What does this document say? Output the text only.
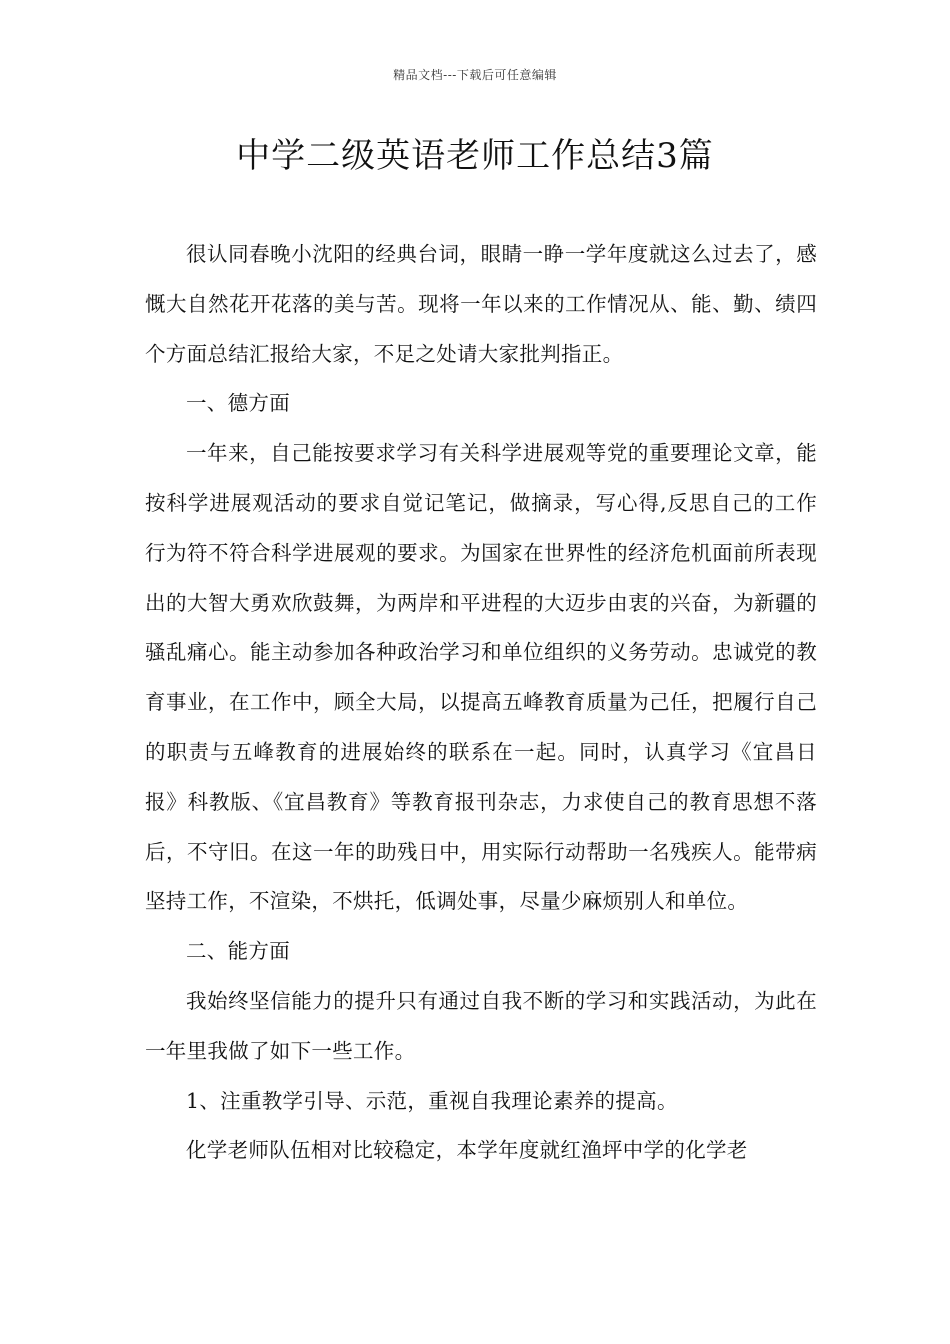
精品文档---下载后可任意编辑
中学二级英语老师工作总结3篇

很认同春晚小沈阳的经典台词，眼睛一睁一学年度就这么过去了，感慨大自然花开花落的美与苦。现将一年以来的工作情况从、能、勤、绩四个方面总结汇报给大家，不足之处请大家批判指正。

一、德方面

一年来，自己能按要求学习有关科学进展观等党的重要理论文章，能按科学进展观活动的要求自觉记笔记，做摘录，写心得,反思自己的工作行为符不符合科学进展观的要求。为国家在世界性的经济危机面前所表现出的大智大勇欢欣鼓舞，为两岸和平进程的大迈步由衷的兴奋，为新疆的骚乱痛心。能主动参加各种政治学习和单位组织的义务劳动。忠诚党的教育事业，在工作中，顾全大局，以提高五峰教育质量为己任，把履行自己的职责与五峰教育的进展始终的联系在一起。同时，认真学习《宜昌日报》科教版、《宜昌教育》等教育报刊杂志，力求使自己的教育思想不落后，不守旧。在这一年的助残日中，用实际行动帮助一名残疾人。能带病坚持工作，不渲染，不烘托，低调处事，尽量少麻烦别人和单位。

二、能方面

我始终坚信能力的提升只有通过自我不断的学习和实践活动，为此在一年里我做了如下一些工作。

1、注重教学引导、示范，重视自我理论素养的提高。

化学老师队伍相对比较稳定，本学年度就红渔坪中学的化学老
